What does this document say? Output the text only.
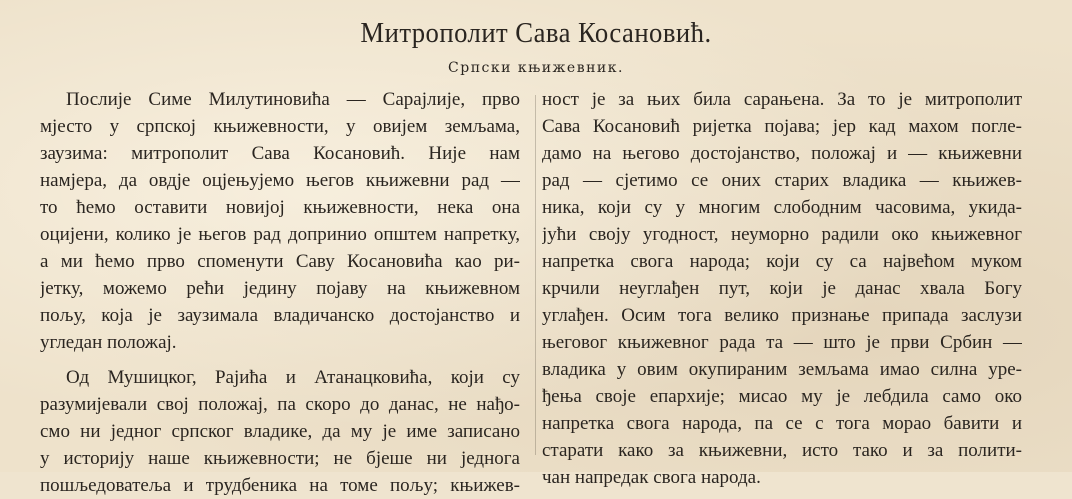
Митрополит Сава Косановић.
Српски књижевник.
Послије Симе Милутиновића — Сарајлије, прво
мјесто у српској књижевности, у овијем земљама,
заузима: митрополит Сава Косановић. Није нам
намјера, да овдје оцјењујемо његов књижевни рад —
то ћемо оставити новијој књижевности, нека она
оцијени, колико је његов рад допринио општем напретку,
а ми ћемо прво споменути Саву Косановића као ри-
јетку, можемо рећи јединy појаву на књижевном
пољу, која је заузимала владичанско достојанство и
угледан положај.
Од Мушицког, Рајића и Атанацковића, који су
разумијевали свој положај, па скоро до данас, не нађо-
смо ни једног српског владике, да му је име записано
у историју наше књижевности; не бјеше ни једнога
пошљедоватеља и трудбеника на томе пољу; књижев-
ност је за њих била сарањена. За то је митрополит
Сава Косановић ријетка појава; јер кад махом погле-
дамо на његово достојанство, положај и — књижевни
рад — сјетимо се оних старих владика — књижев-
ника, који су у многим слободним часовима, укида-
јући своју угодност, неуморно радили око књижевног
напретка свога народа; који су са највећом муком
крчили неуглађен пут, који је данас хвала Богу
углађен. Осим тога велико признање припада заслузи
његовог књижевног рада та — што је први Србин —
владика у овим окупираним земљама имао силна уре-
ђења своје епархије; мисао му је лебдила само око
напретка свога народа, па се с тога морао бавити и
старати како за књижевни, исто тако и за полити-
чан напредак свога народа.
